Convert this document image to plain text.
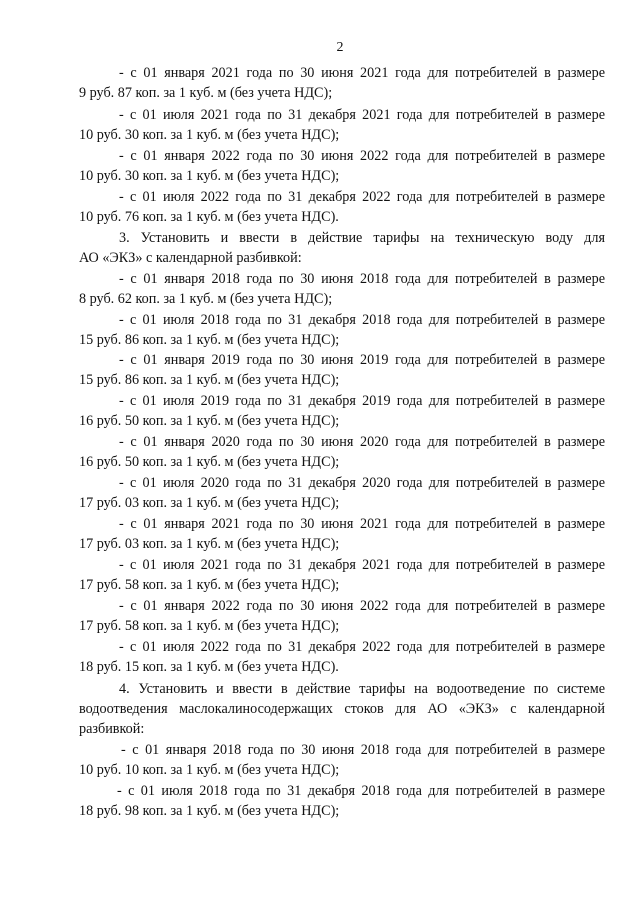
2
- с 01 января 2021 года по 30 июня 2021 года для потребителей в размере
9 руб. 87 коп. за 1 куб. м (без учета НДС);
- с 01 июля 2021 года по 31 декабря 2021 года для потребителей в размере
10 руб. 30 коп. за 1 куб. м (без учета НДС);
- с 01 января 2022 года по 30 июня 2022 года для потребителей в размере
10 руб. 30 коп. за 1 куб. м (без учета НДС);
- с 01 июля 2022 года по 31 декабря 2022 года для потребителей в размере
10 руб. 76 коп. за 1 куб. м (без учета НДС).
3. Установить и ввести в действие тарифы на техническую воду для
АО «ЭКЗ» с календарной разбивкой:
- с 01 января 2018 года по 30 июня 2018 года для потребителей в размере
8 руб. 62 коп. за 1 куб. м (без учета НДС);
- с 01 июля 2018 года по 31 декабря 2018 года для потребителей в размере
15 руб. 86 коп. за 1 куб. м (без учета НДС);
- с 01 января 2019 года по 30 июня 2019 года для потребителей в размере
15 руб. 86 коп. за 1 куб. м (без учета НДС);
- с 01 июля 2019 года по 31 декабря 2019 года для потребителей в размере
16 руб. 50 коп. за 1 куб. м (без учета НДС);
- с 01 января 2020 года по 30 июня 2020 года для потребителей в размере
16 руб. 50 коп. за 1 куб. м (без учета НДС);
- с 01 июля 2020 года по 31 декабря 2020 года для потребителей в размере
17 руб. 03 коп. за 1 куб. м (без учета НДС);
- с 01 января 2021 года по 30 июня 2021 года для потребителей в размере
17 руб. 03 коп. за 1 куб. м (без учета НДС);
- с 01 июля 2021 года по 31 декабря 2021 года для потребителей в размере
17 руб. 58 коп. за 1 куб. м (без учета НДС);
- с 01 января 2022 года по 30 июня 2022 года для потребителей в размере
17 руб. 58 коп. за 1 куб. м (без учета НДС);
- с 01 июля 2022 года по 31 декабря 2022 года для потребителей в размере
18 руб. 15 коп. за 1 куб. м (без учета НДС).
4. Установить и ввести в действие тарифы на водоотведение по системе
водоотведения маслокалиносодержащих стоков для АО «ЭКЗ» с календарной
разбивкой:
- с 01 января 2018 года по 30 июня 2018 года для потребителей в размере
10 руб. 10 коп. за 1 куб. м (без учета НДС);
- с 01 июля 2018 года по 31 декабря 2018 года для потребителей в размере
18 руб. 98 коп. за 1 куб. м (без учета НДС);
